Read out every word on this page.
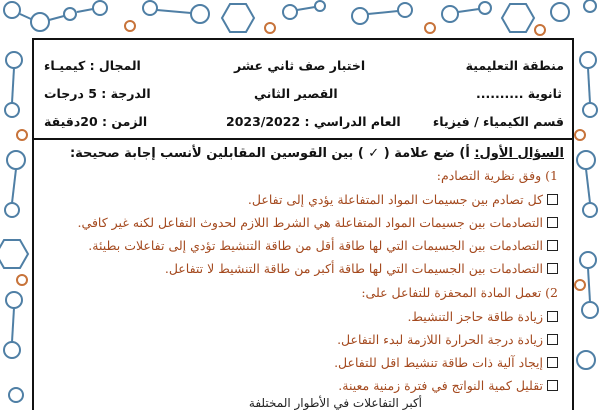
منطقة التعليمية
اختبار صف ثاني عشر
المجال : كيميـاء
ثانوية ..........
القصير الثاني
الدرجة : 5 درجات
قسم الكيمياء / فيزياء
العام الدراسي : 2023/2022
الزمن : 20دقيقة
السؤال الأول: أ) ضع علامة ( ✓ ) بين القوسين المقابلين لأنسب إجابة صحيحة:
1) وفق نظرية التصادم:
كل تصادم بين جسيمات المواد المتفاعلة يؤدي إلى تفاعل.
التصادمات بين جسيمات المواد المتفاعلة هي الشرط اللازم لحدوث التفاعل لكنه غير كافي.
التصادمات بين الجسيمات التي لها طاقة أقل من طاقة التنشيط تؤدي إلى تفاعلات بطيئة.
التصادمات بين الجسيمات التي لها طاقة أكبر من طاقة التنشيط لا تتفاعل.
2) تعمل المادة المحفزة للتفاعل على:
زيادة طاقة حاجز التنشيط.
زيادة درجة الحرارة اللازمة لبدء التفاعل.
إيجاد آلية ذات طاقة تنشيط اقل للتفاعل.
تقليل كمية النواتج في فترة زمنية معينة.
أكبر التفاعلات في الأطوار المختلفة
